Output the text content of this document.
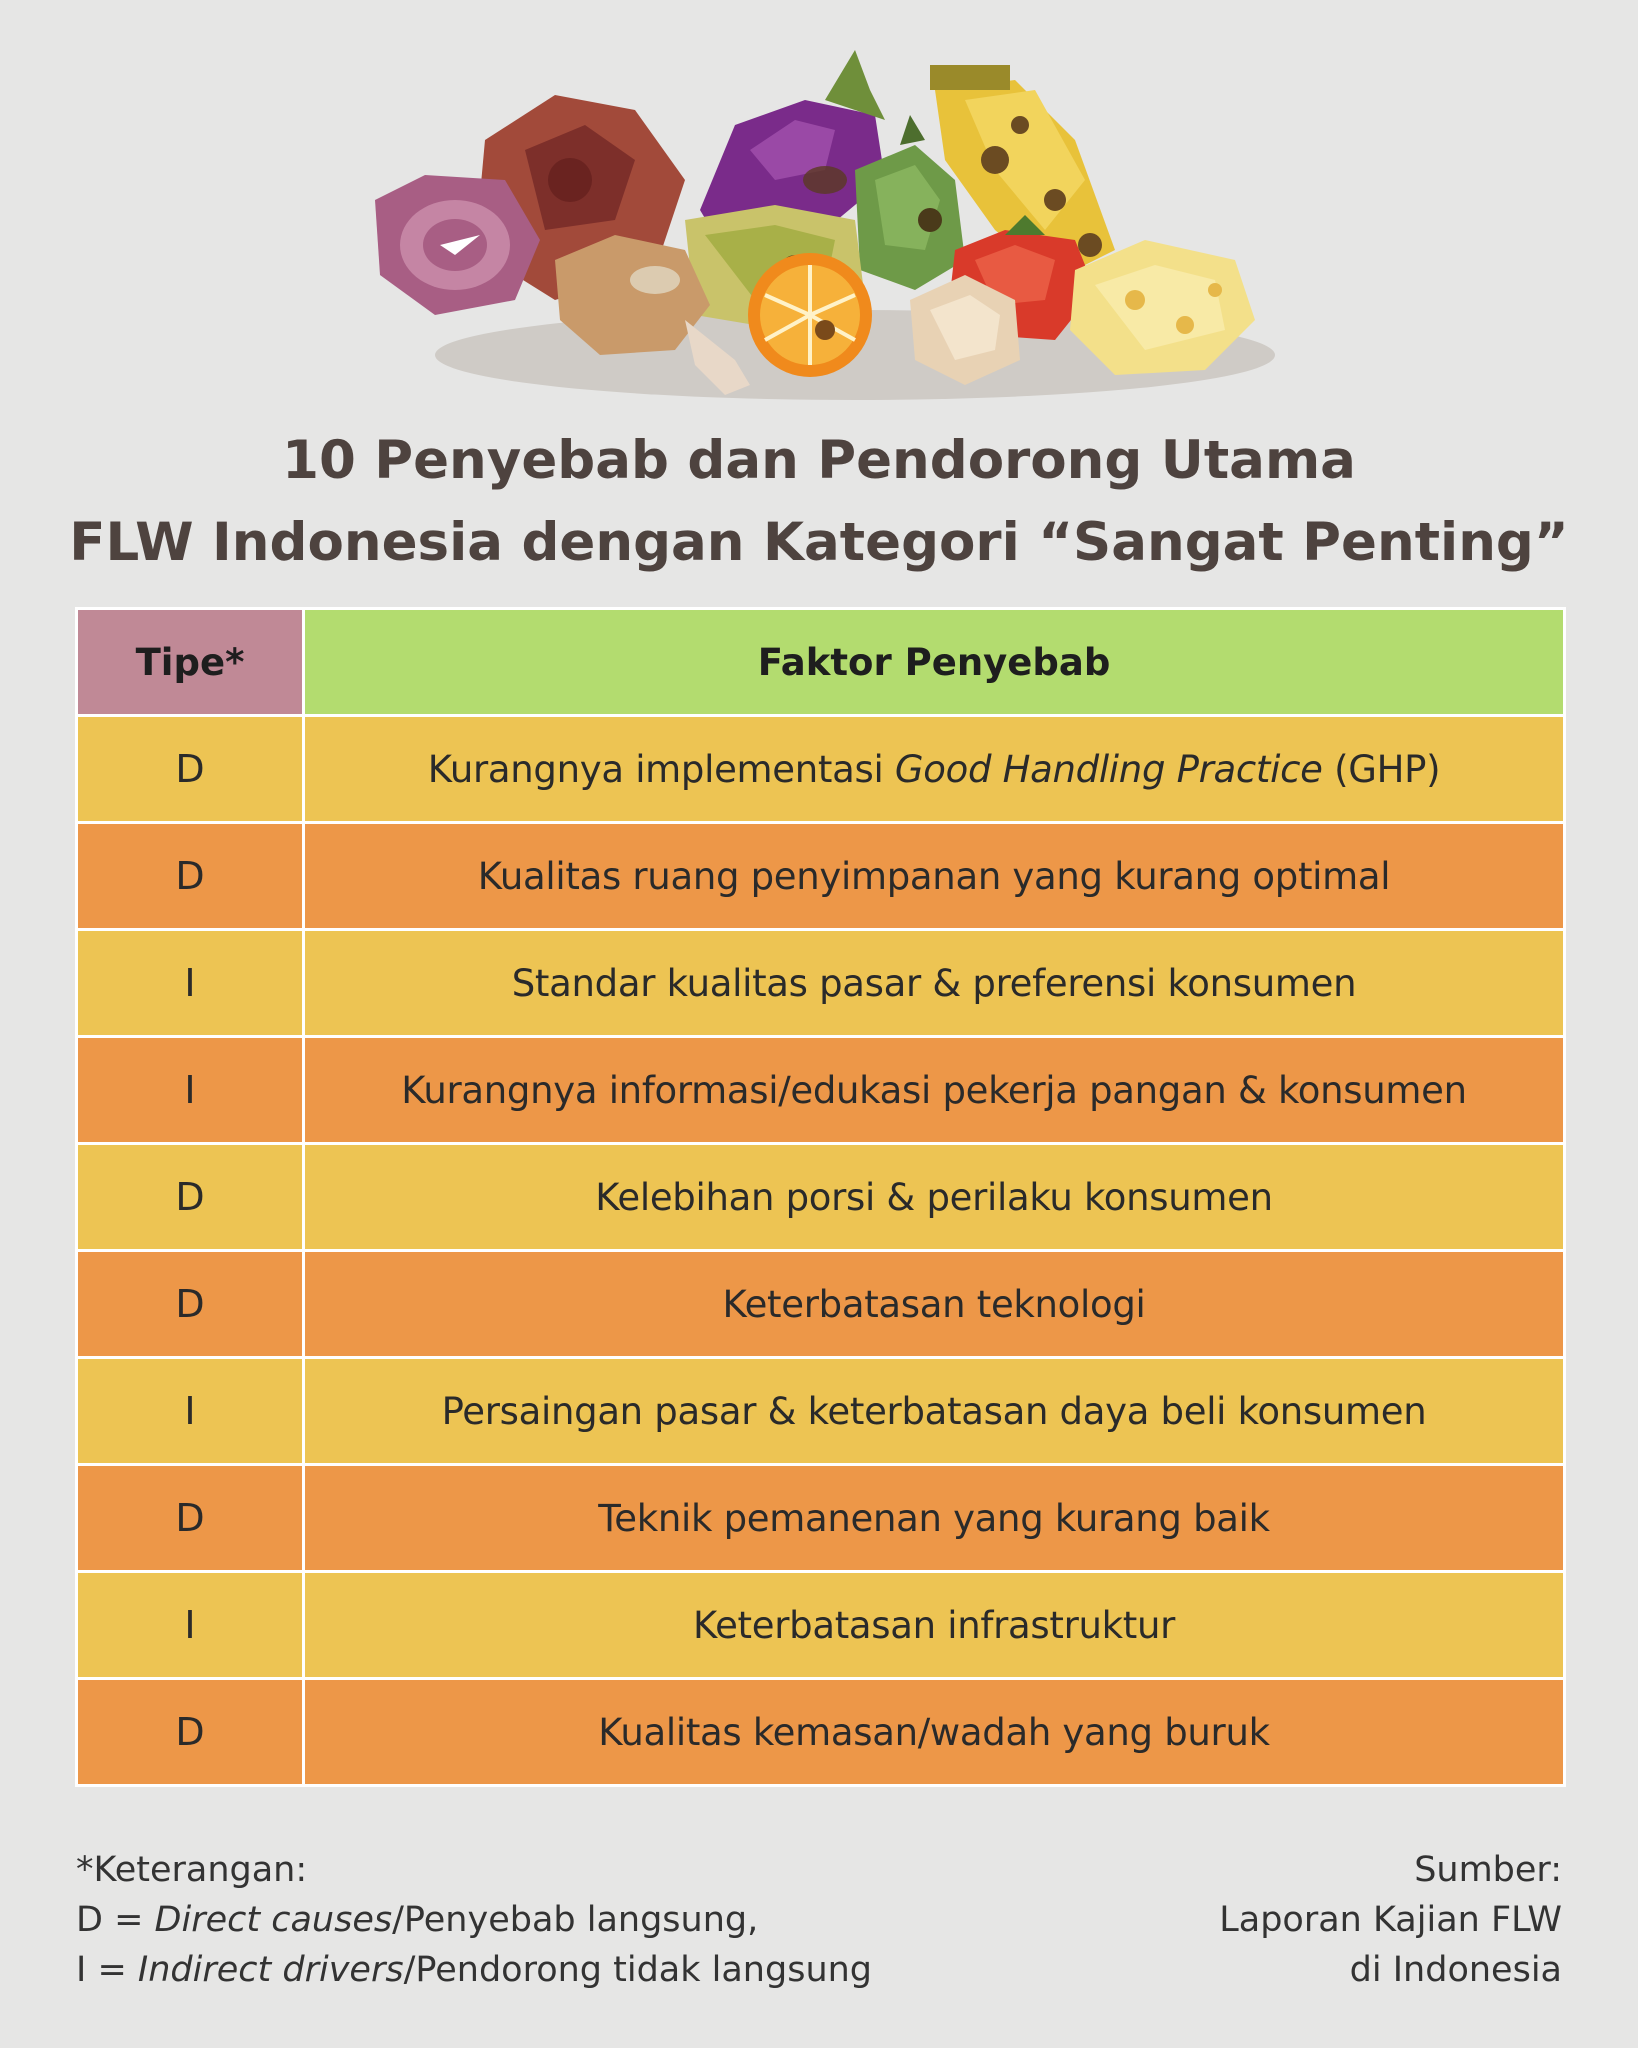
10 Penyebab dan Pendorong Utama
FLW Indonesia dengan Kategori “Sangat Penting”
Tipe*	Faktor Penyebab
D	Kurangnya implementasi Good Handling Practice (GHP)
D	Kualitas ruang penyimpanan yang kurang optimal
I	Standar kualitas pasar & preferensi konsumen
I	Kurangnya informasi/edukasi pekerja pangan & konsumen
D	Kelebihan porsi & perilaku konsumen
D	Keterbatasan teknologi
I	Persaingan pasar & keterbatasan daya beli konsumen
D	Teknik pemanenan yang kurang baik
I	Keterbatasan infrastruktur
D	Kualitas kemasan/wadah yang buruk
*Keterangan:
D = Direct causes/Penyebab langsung,
I = Indirect drivers/Pendorong tidak langsung
Sumber:
Laporan Kajian FLW
di Indonesia
